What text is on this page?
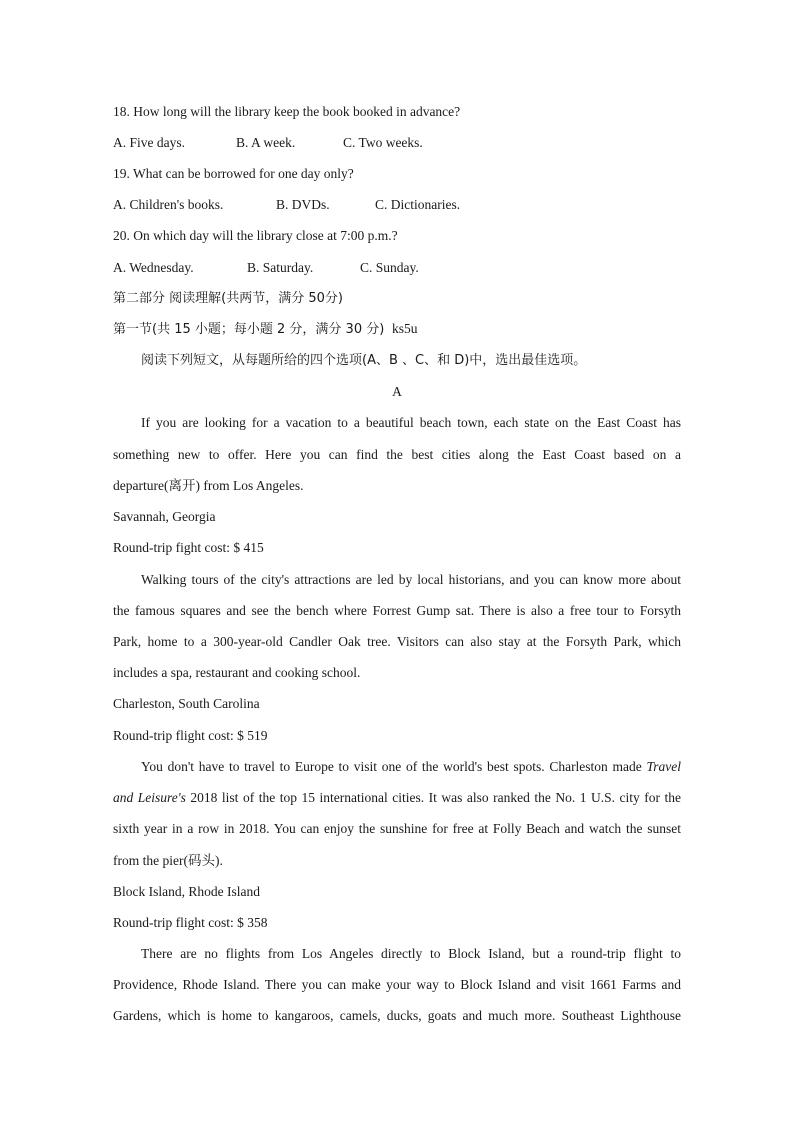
18. How long will the library keep the book booked in advance?
A. Five days.	B. A week.	C. Two weeks.
19. What can be borrowed for one day only?
A. Children's books.	B. DVDs.	C. Dictionaries.
20. On which day will the library close at 7:00 p.m.?
A. Wednesday.	B. Saturday.	C. Sunday.
第二部分 阅读理解(共两节，满分 50分)
第一节(共 15 小题；每小题 2 分，满分 30 分) ks5u
阅读下列短文，从每题所给的四个选项(A、B 、C、和 D)中，选出最佳选项。
A
If you are looking for a vacation to a beautiful beach town, each state on the East Coast has
something new to offer. Here you can find the best cities along the East Coast based on a
departure(离开) from Los Angeles.
Savannah, Georgia
Round-trip fight cost: $ 415
Walking tours of the city's attractions are led by local historians, and you can know more about
the famous squares and see the bench where Forrest Gump sat. There is also a free tour to Forsyth
Park, home to a 300-year-old Candler Oak tree. Visitors can also stay at the Forsyth Park, which
includes a spa, restaurant and cooking school.
Charleston, South Carolina
Round-trip flight cost: $ 519
You don't have to travel to Europe to visit one of the world's best spots. Charleston made Travel
and Leisure's 2018 list of the top 15 international cities. It was also ranked the No. 1 U.S. city for the
sixth year in a row in 2018. You can enjoy the sunshine for free at Folly Beach and watch the sunset
from the pier(码头).
Block Island, Rhode Island
Round-trip flight cost: $ 358
There are no flights from Los Angeles directly to Block Island, but a round-trip flight to
Providence, Rhode Island. There you can make your way to Block Island and visit 1661 Farms and
Gardens, which is home to kangaroos, camels, ducks, goats and much more. Southeast Lighthouse
